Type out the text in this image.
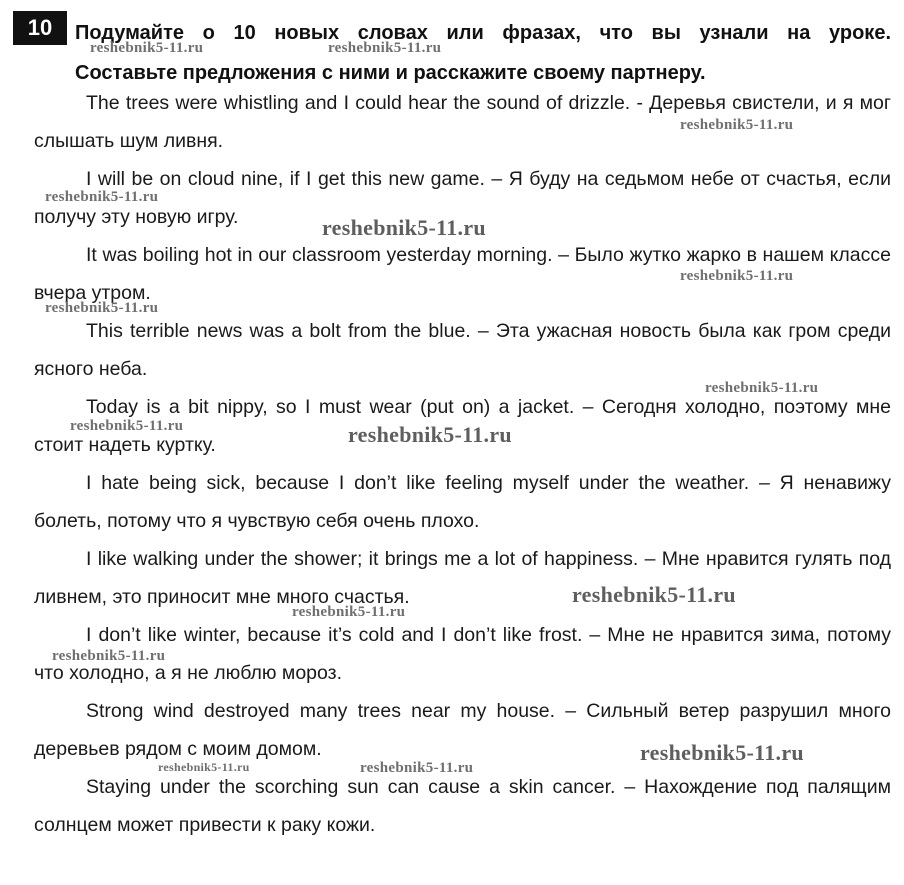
10	Подумайте о 10 новых словах или фразах, что вы узнали на уроке.
Составьте предложения с ними и расскажите своему партнеру.

The trees were whistling and I could hear the sound of drizzle. - Деревья свистели, и я мог слышать шум ливня.

I will be on cloud nine, if I get this new game. – Я буду на седьмом небе от счастья, если получу эту новую игру.

It was boiling hot in our classroom yesterday morning. – Было жутко жарко в нашем классе вчера утром.

This terrible news was a bolt from the blue. – Эта ужасная новость была как гром среди ясного неба.

Today is a bit nippy, so I must wear (put on) a jacket. – Сегодня холодно, поэтому мне стоит надеть куртку.

I hate being sick, because I don’t like feeling myself under the weather. – Я ненавижу болеть, потому что я чувствую себя очень плохо.

I like walking under the shower; it brings me a lot of happiness. – Мне нравится гулять под ливнем, это приносит мне много счастья.

I don’t like winter, because it’s cold and I don’t like frost. – Мне не нравится зима, потому что холодно, а я не люблю мороз.

Strong wind destroyed many trees near my house. – Сильный ветер разрушил много деревьев рядом с моим домом.

Staying under the scorching sun can cause a skin cancer. – Нахождение под палящим солнцем может привести к раку кожи.

reshebnik5-11.ru	reshebnik5-11.ru
reshebnik5-11.ru
reshebnik5-11.ru
reshebnik5-11.ru
reshebnik5-11.ru
reshebnik5-11.ru
reshebnik5-11.ru
reshebnik5-11.ru	reshebnik5-11.ru
reshebnik5-11.ru
reshebnik5-11.ru
reshebnik5-11.ru
reshebnik5-11.ru
reshebnik5-11.ru	reshebnik5-11.ru
